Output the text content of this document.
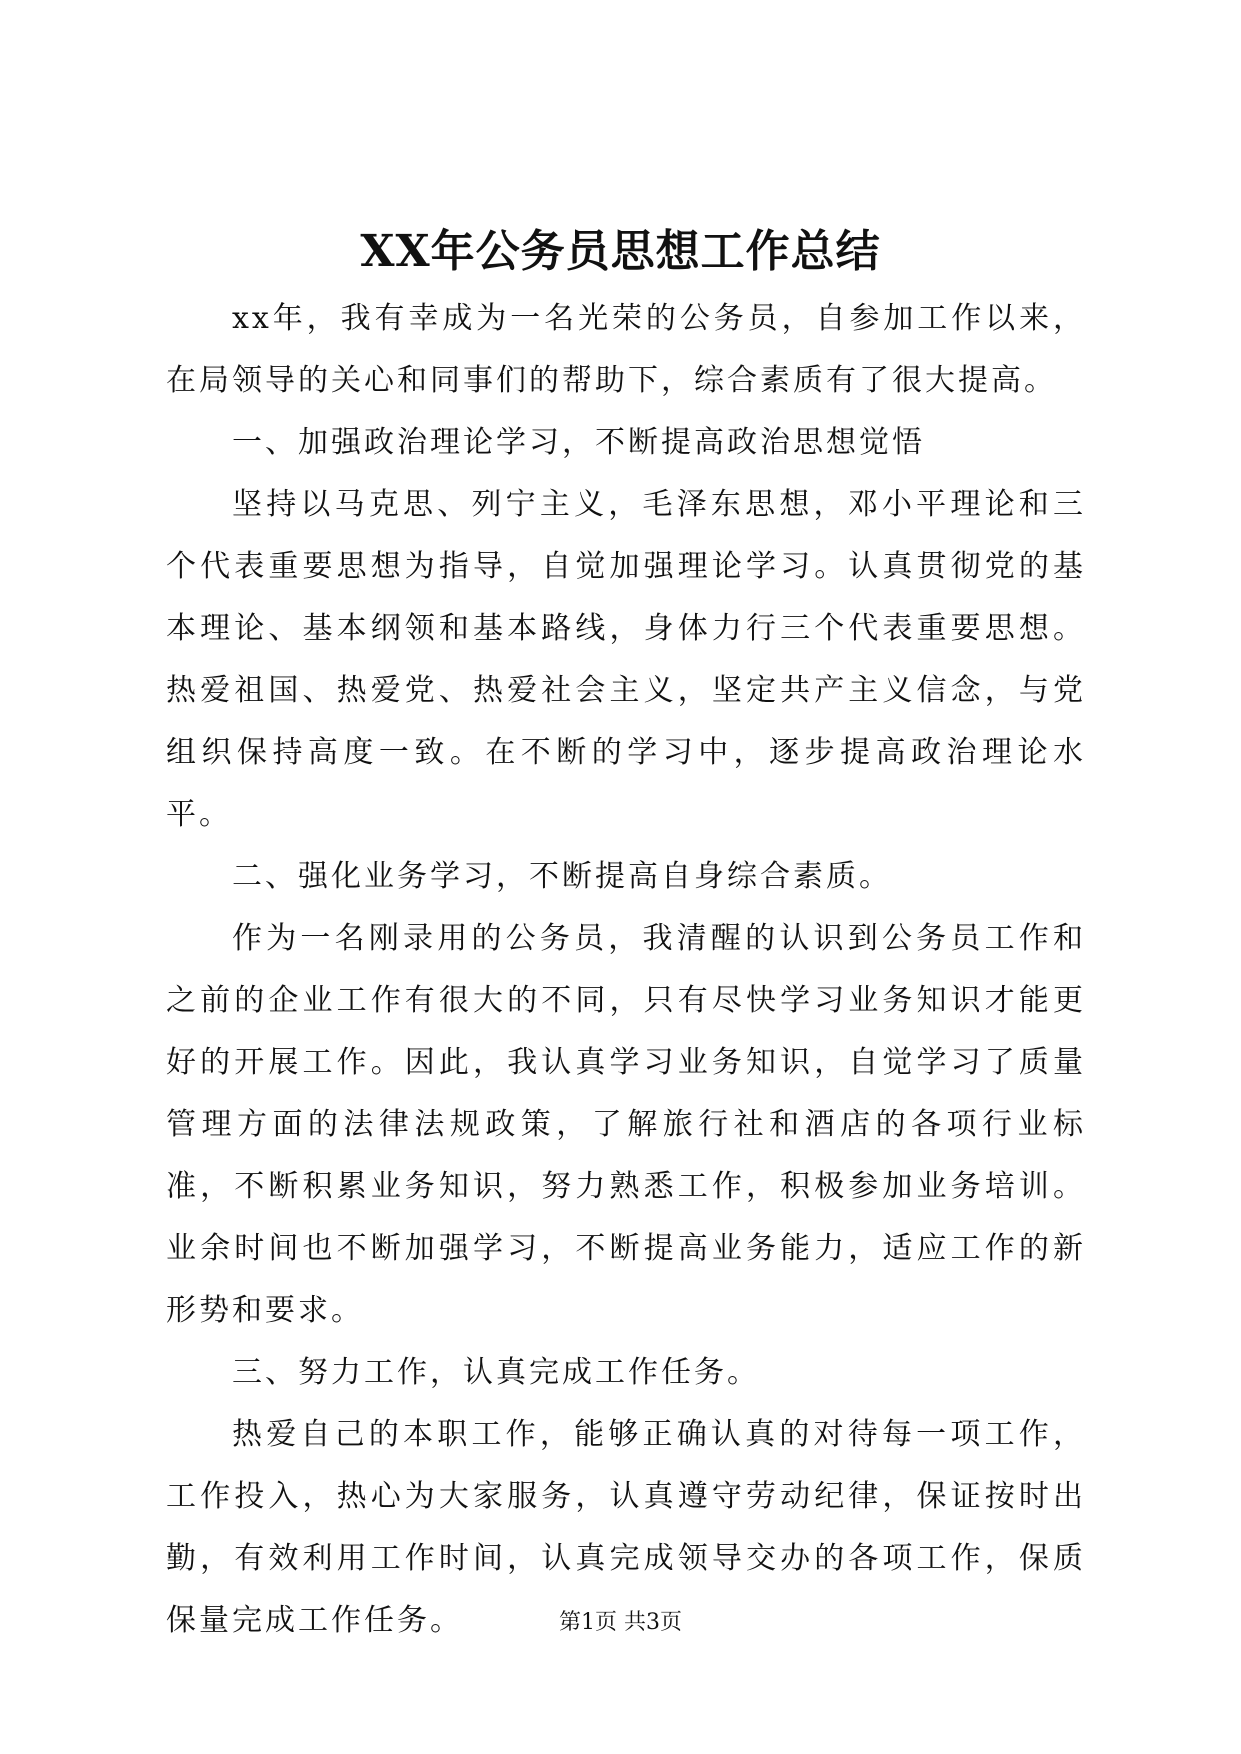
XX年公务员思想工作总结

xx年，我有幸成为一名光荣的公务员，自参加工作以来，在局领导的关心和同事们的帮助下，综合素质有了很大提高。

一、加强政治理论学习，不断提高政治思想觉悟

坚持以马克思、列宁主义，毛泽东思想，邓小平理论和三个代表重要思想为指导，自觉加强理论学习。认真贯彻党的基本理论、基本纲领和基本路线，身体力行三个代表重要思想。热爱祖国、热爱党、热爱社会主义，坚定共产主义信念，与党组织保持高度一致。在不断的学习中，逐步提高政治理论水平。

二、强化业务学习，不断提高自身综合素质。

作为一名刚录用的公务员，我清醒的认识到公务员工作和之前的企业工作有很大的不同，只有尽快学习业务知识才能更好的开展工作。因此，我认真学习业务知识，自觉学习了质量管理方面的法律法规政策，了解旅行社和酒店的各项行业标准，不断积累业务知识，努力熟悉工作，积极参加业务培训。业余时间也不断加强学习，不断提高业务能力，适应工作的新形势和要求。

三、努力工作，认真完成工作任务。

热爱自己的本职工作，能够正确认真的对待每一项工作，工作投入，热心为大家服务，认真遵守劳动纪律，保证按时出勤，有效利用工作时间，认真完成领导交办的各项工作，保质保量完成工作任务。	第1页 共3页
